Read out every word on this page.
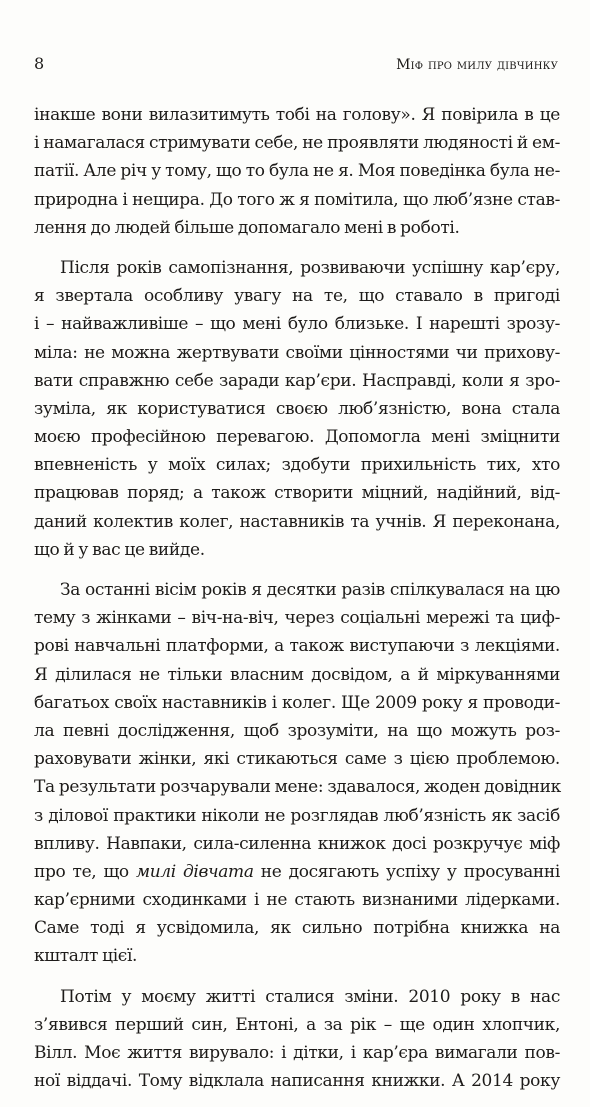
8	Міф про милу дівчинку

інакше вони вилазитимуть тобі на голову». Я повірила в це
і намагалася стримувати себе, не проявляти людяності й ем-
патії. Але річ у тому, що то була не я. Моя поведінка була не-
природна і нещира. До того ж я помітила, що люб’язне став-
лення до людей більше допомагало мені в роботі.

Після років самопізнання, розвиваючи успішну кар’єру,
я звертала особливу увагу на те, що ставало в пригоді
і – найважливіше – що мені було близьке. І нарешті зрозу-
міла: не можна жертвувати своїми цінностями чи прихову-
вати справжню себе заради кар’єри. Насправді, коли я зро-
зуміла, як користуватися своєю люб’язністю, вона стала
моєю професійною перевагою. Допомогла мені зміцнити
впевненість у моїх силах; здобути прихильність тих, хто
працював поряд; а також створити міцний, надійний, від-
даний колектив колег, наставників та учнів. Я переконана,
що й у вас це вийде.

За останні вісім років я десятки разів спілкувалася на цю
тему з жінками – віч-на-віч, через соціальні мережі та циф-
рові навчальні платформи, а також виступаючи з лекціями.
Я ділилася не тільки власним досвідом, а й міркуваннями
багатьох своїх наставників і колег. Ще 2009 року я проводи-
ла певні дослідження, щоб зрозуміти, на що можуть роз-
раховувати жінки, які стикаються саме з цією проблемою.
Та результати розчарували мене: здавалося, жоден довідник
з ділової практики ніколи не розглядав люб’язність як засіб
впливу. Навпаки, сила-силенна книжок досі розкручує міф
про те, що милі дівчата не досягають успіху у просуванні
кар’єрними сходинками і не стають визнаними лідерками.
Саме тоді я усвідомила, як сильно потрібна книжка на
кшталт цієї.

Потім у моєму житті сталися зміни. 2010 року в нас
з’явився перший син, Ентоні, а за рік – ще один хлопчик,
Вілл. Моє життя вирувало: і дітки, і кар’єра вимагали пов-
ної віддачі. Тому відклала написання книжки. А 2014 року
